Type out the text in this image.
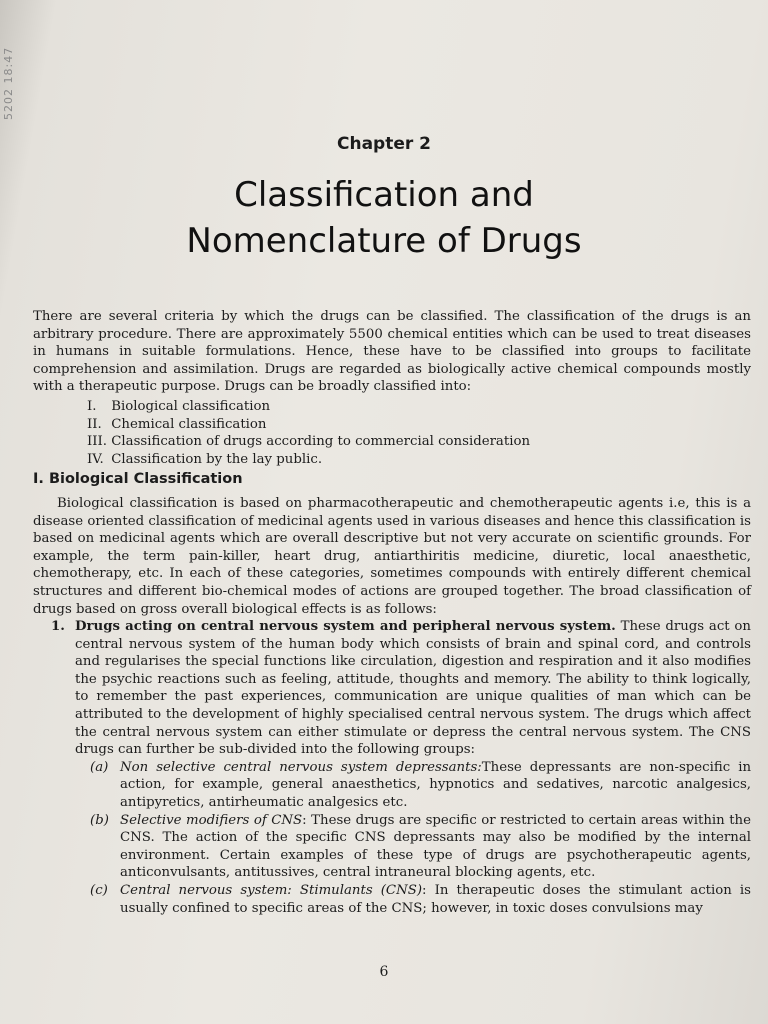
5202 18:47
Chapter 2
Classification and
Nomenclature of Drugs

There are several criteria by which the drugs can be classified. The classification of the drugs is an arbitrary procedure. There are approximately 5500 chemical entities which can be used to treat diseases in humans in suitable formulations. Hence, these have to be classified into groups to facilitate comprehension and assimilation. Drugs are regarded as biologically active chemical compounds mostly with a therapeutic purpose. Drugs can be broadly classified into:

I.
	Biological classification
II.
Chemical classification
III.
Classification of drugs according to commercial consideration
IV.
Classification by the lay public.
I. Biological Classification

Biological classification is based on pharmacotherapeutic and chemotherapeutic agents i.e, this is a disease oriented classification of medicinal agents used in various diseases and hence this classification is based on medicinal agents which are overall descriptive but not very accurate on scientific grounds. For example, the term pain-killer, heart drug, antiarthiritis medicine, diuretic, local anaesthetic, chemotherapy, etc. In each of these categories, sometimes compounds with entirely different chemical structures and different bio-chemical modes of actions are grouped together. The broad classification of drugs based on gross overall biological effects is as follows:

1. Drugs acting on central nervous system and peripheral nervous system. These drugs act on central nervous system of the human body which consists of brain and spinal cord, and controls and regularises the special functions like circulation, digestion and respiration and it also modifies the psychic reactions such as feeling, attitude, thoughts and memory. The ability to think logically, to remember the past experiences, communication are unique qualities of man which can be attributed to the development of highly specialised central nervous system. The drugs which affect the central nervous system can either stimulate or depress the central nervous system. The CNS drugs can further be sub-divided into the following groups:
(a) Non selective central nervous system depressants:These depressants are non-specific in action, for example, general anaesthetics, hypnotics and sedatives, narcotic analgesics, antipyretics, antirheumatic analgesics etc.
(b) Selective modifiers of CNS: These drugs are specific or restricted to certain areas within the CNS. The action of the specific CNS depressants may also be modified by the internal environment. Certain examples of these type of drugs are psychotherapeutic agents, anticonvulsants, antitussives, central intraneural blocking agents, etc.
(c) Central nervous system: Stimulants (CNS): In therapeutic doses the stimulant action is usually confined to specific areas of the CNS; however, in toxic doses convulsions may
6
